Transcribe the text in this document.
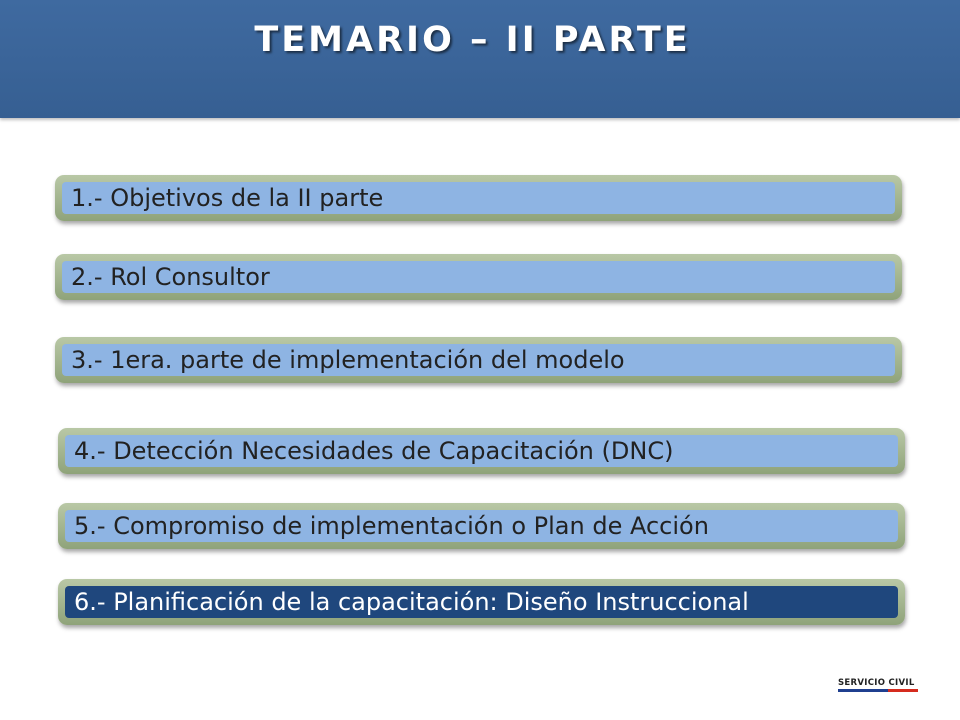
TEMARIO – II PARTE
1.- Objetivos de la II parte
2.- Rol Consultor
3.- 1era. parte de implementación del modelo
4.- Detección Necesidades de Capacitación (DNC)
5.- Compromiso de implementación o Plan de Acción
6.- Planificación de la capacitación: Diseño Instruccional
SERVICIO CIVIL
